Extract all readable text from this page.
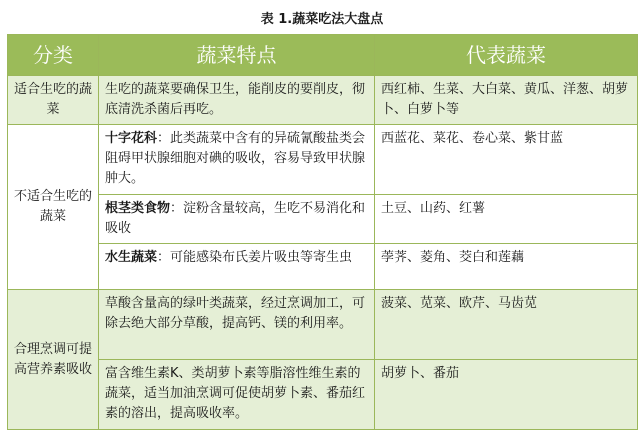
表 1.蔬菜吃法大盘点
分类	蔬菜特点	代表蔬菜
适合生吃的蔬菜	生吃的蔬菜要确保卫生，能削皮的要削皮，彻底清洗杀菌后再吃。	西红柿、生菜、大白菜、黄瓜、洋葱、胡萝卜、白萝卜等
不适合生吃的蔬菜	十字花科：此类蔬菜中含有的异硫氰酸盐类会阻碍甲状腺细胞对碘的吸收，容易导致甲状腺肿大。	西蓝花、菜花、卷心菜、紫甘蓝
	根茎类食物：淀粉含量较高，生吃不易消化和吸收	土豆、山药、红薯
	水生蔬菜：可能感染布氏姜片吸虫等寄生虫	荸荠、菱角、茭白和莲藕
合理烹调可提高营养素吸收	草酸含量高的绿叶类蔬菜，经过烹调加工，可除去绝大部分草酸，提高钙、镁的利用率。	菠菜、苋菜、欧芹、马齿苋
	富含维生素K、类胡萝卜素等脂溶性维生素的蔬菜，适当加油烹调可促使胡萝卜素、番茄红素的溶出，提高吸收率。	胡萝卜、番茄
